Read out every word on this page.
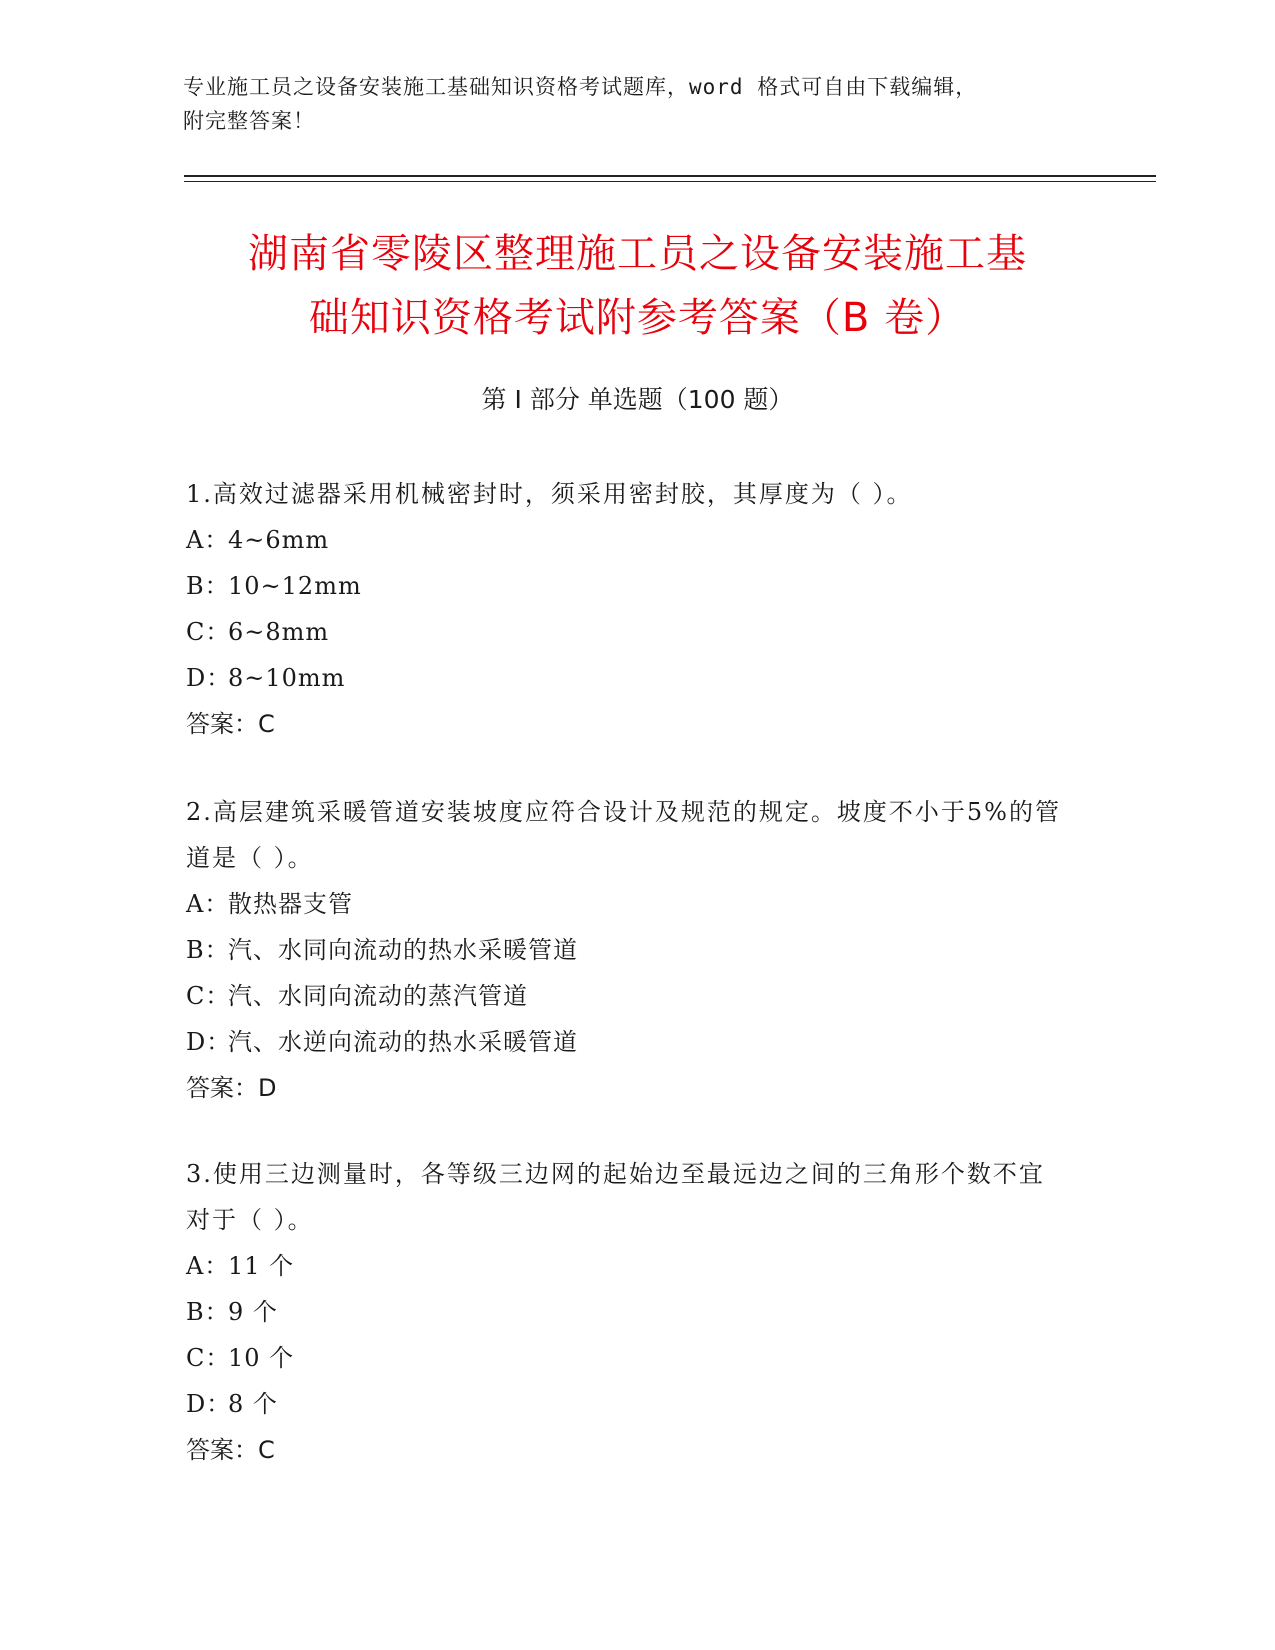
专业施工员之设备安装施工基础知识资格考试题库，word 格式可自由下载编辑，
附完整答案！
湖南省零陵区整理施工员之设备安装施工基
础知识资格考试附参考答案（B 卷）
第 I 部分 单选题（100 题）

1.高效过滤器采用机械密封时，须采用密封胶，其厚度为（ ）。

A：4~6mm
B：10~12mm
C：6~8mm
D：8~10mm
答案：C

2.高层建筑采暖管道安装坡度应符合设计及规范的规定。坡度不小于5%的管道是（ ）。

A：散热器支管
B：汽、水同向流动的热水采暖管道
C：汽、水同向流动的蒸汽管道
D：汽、水逆向流动的热水采暖管道
答案：D

3.使用三边测量时，各等级三边网的起始边至最远边之间的三角形个数不宜对于（ ）。

A：11 个
B：9 个
C：10 个
D：8 个
答案：C
